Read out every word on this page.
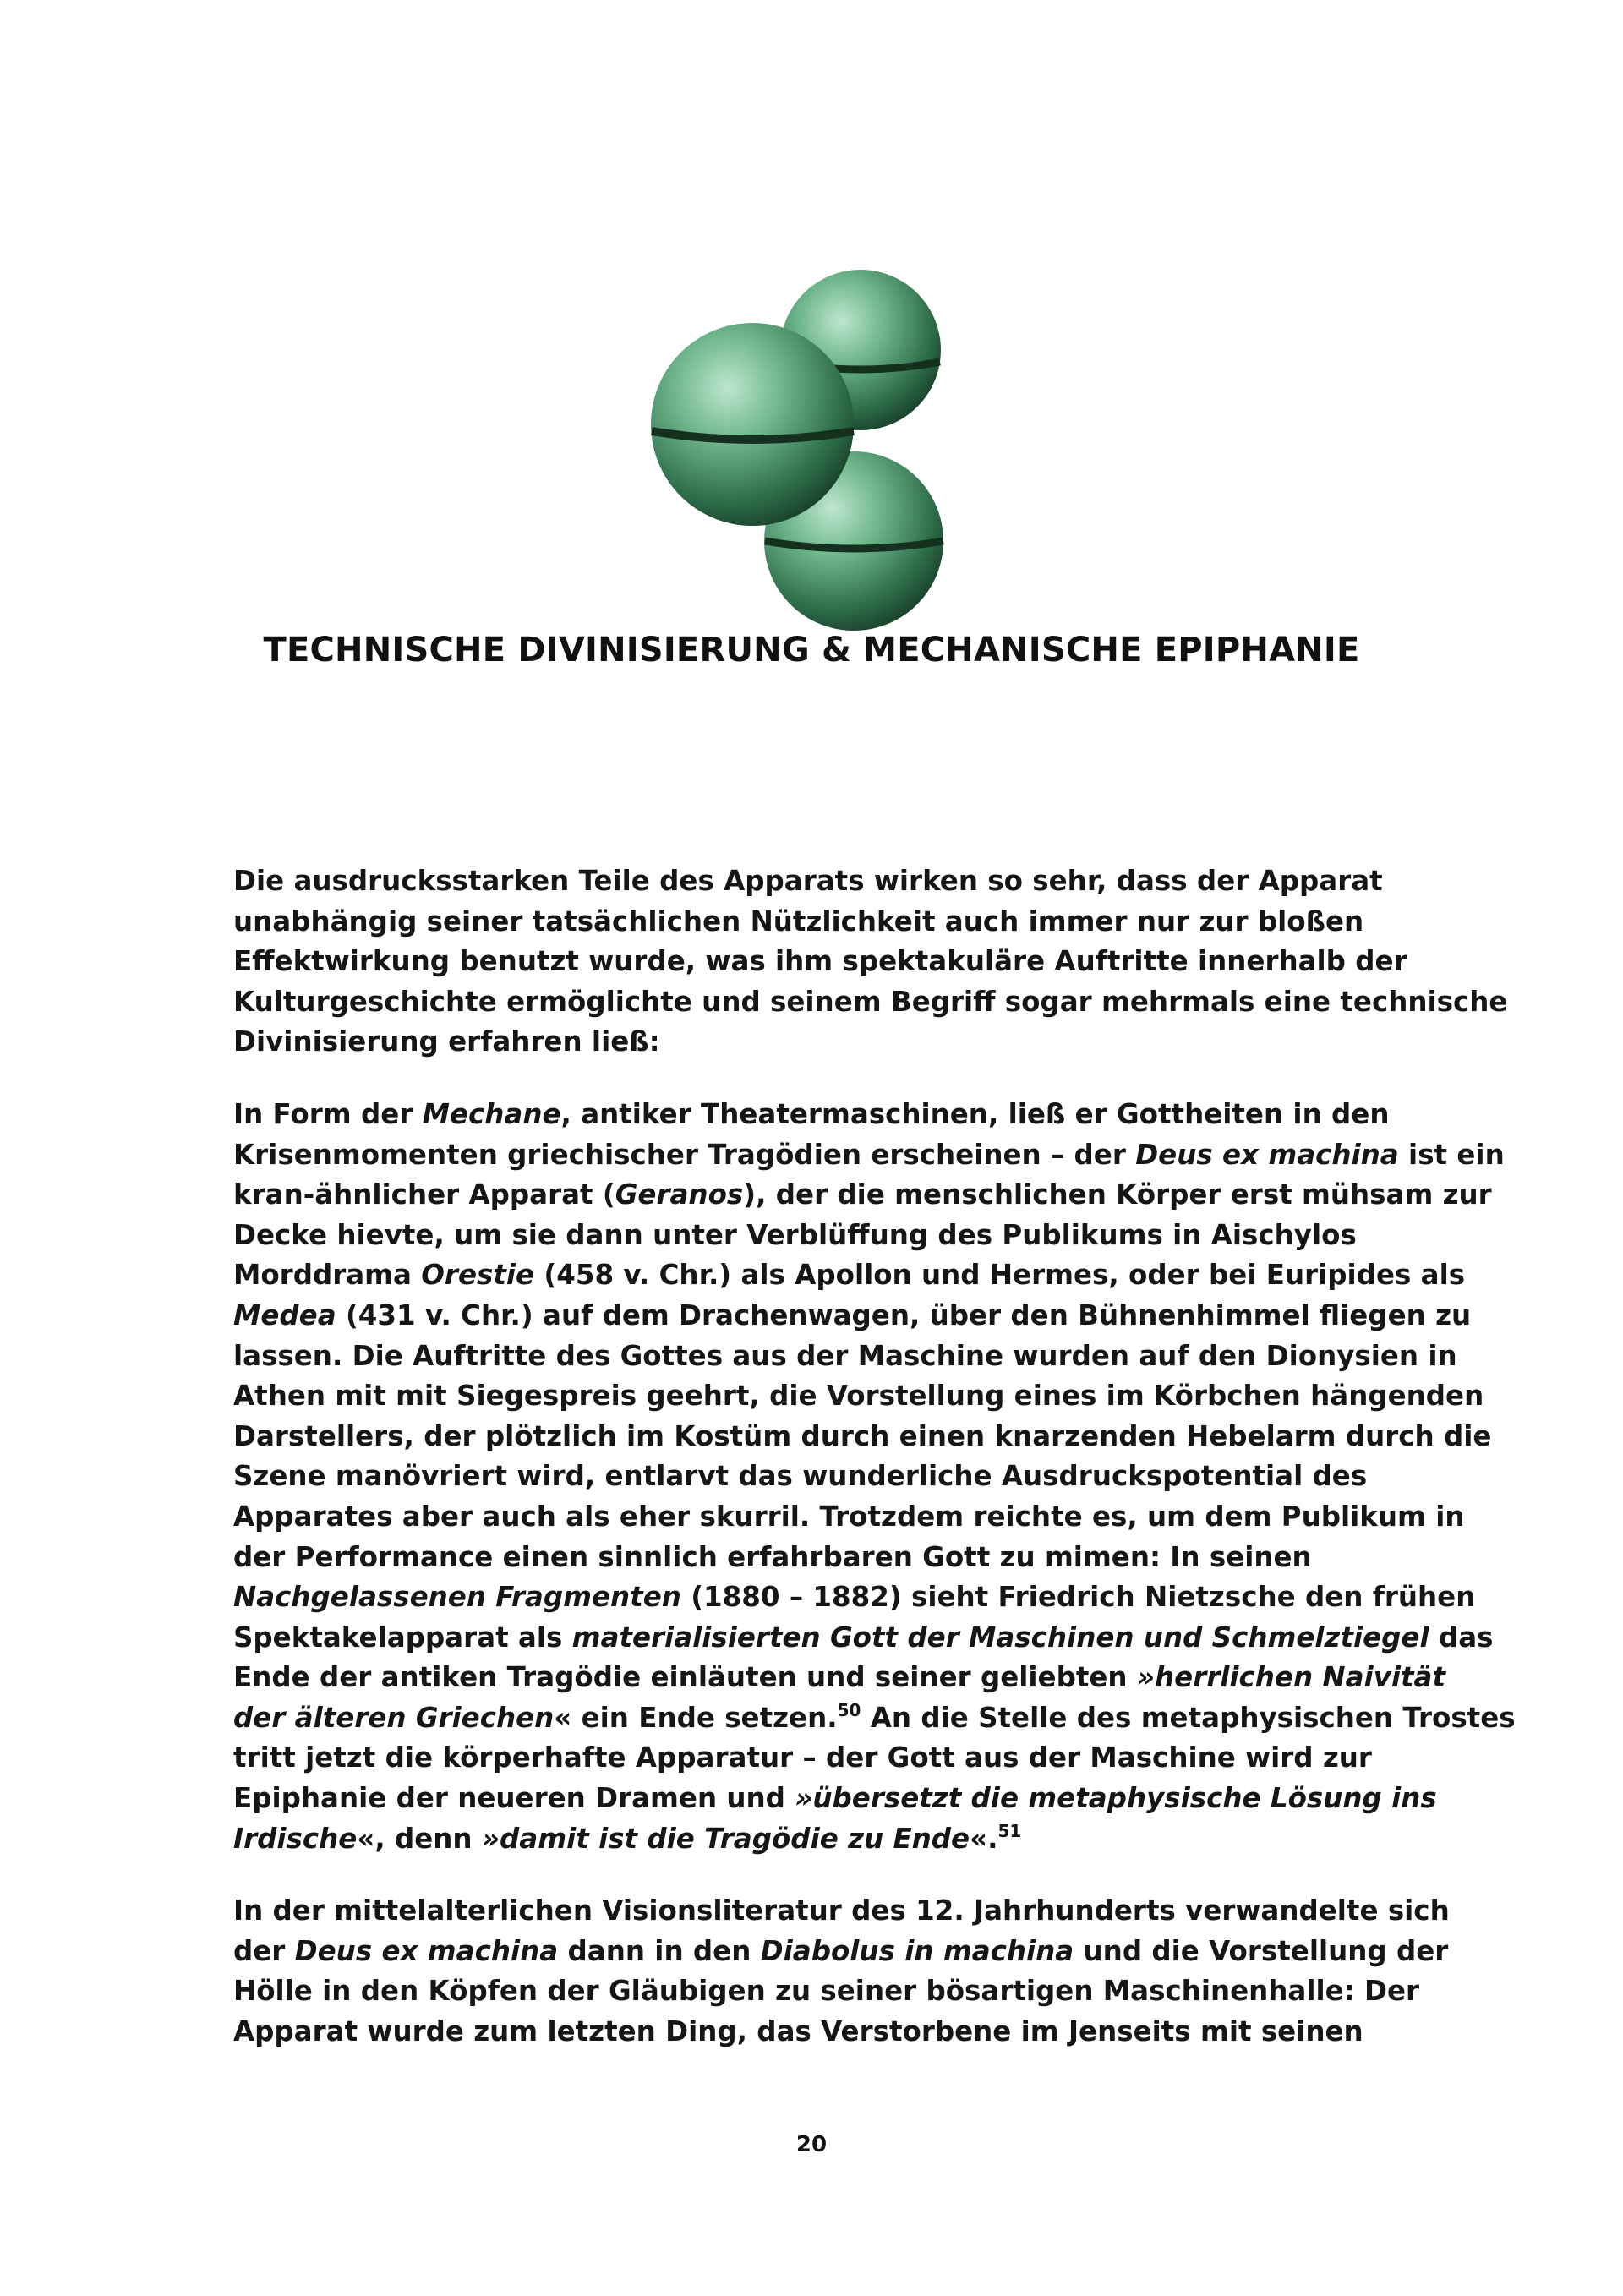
TECHNISCHE DIVINISIERUNG & MECHANISCHE EPIPHANIE

Die ausdrucksstarken Teile des Apparats wirken so sehr, dass der Apparat
unabhängig seiner tatsächlichen Nützlichkeit auch immer nur zur bloßen
Effektwirkung benutzt wurde, was ihm spektakuläre Auftritte innerhalb der
Kulturgeschichte ermöglichte und seinem Begriff sogar mehrmals eine technische
Divinisierung erfahren ließ:

In Form der Mechane, antiker Theatermaschinen, ließ er Gottheiten in den
Krisenmomenten griechischer Tragödien erscheinen – der Deus ex machina ist ein
kran-ähnlicher Apparat (Geranos), der die menschlichen Körper erst mühsam zur
Decke hievte, um sie dann unter Verblüffung des Publikums in Aischylos
Morddrama Orestie (458 v. Chr.) als Apollon und Hermes, oder bei Euripides als
Medea (431 v. Chr.) auf dem Drachenwagen, über den Bühnenhimmel fliegen zu
lassen. Die Auftritte des Gottes aus der Maschine wurden auf den Dionysien in
Athen mit mit Siegespreis geehrt, die Vorstellung eines im Körbchen hängenden
Darstellers, der plötzlich im Kostüm durch einen knarzenden Hebelarm durch die
Szene manövriert wird, entlarvt das wunderliche Ausdruckspotential des
Apparates aber auch als eher skurril. Trotzdem reichte es, um dem Publikum in
der Performance einen sinnlich erfahrbaren Gott zu mimen: In seinen
Nachgelassenen Fragmenten (1880 – 1882) sieht Friedrich Nietzsche den frühen
Spektakelapparat als materialisierten Gott der Maschinen und Schmelztiegel das
Ende der antiken Tragödie einläuten und seiner geliebten »herrlichen Naivität
der älteren Griechen« ein Ende setzen.$^{50}$ An die Stelle des metaphysischen Trostes
tritt jetzt die körperhafte Apparatur – der Gott aus der Maschine wird zur
Epiphanie der neueren Dramen und »übersetzt die metaphysische Lösung ins
Irdische«, denn »damit ist die Tragödie zu Ende«.$^{51}$

In der mittelalterlichen Visionsliteratur des 12. Jahrhunderts verwandelte sich
der Deus ex machina dann in den Diabolus in machina und die Vorstellung der
Hölle in den Köpfen der Gläubigen zu seiner bösartigen Maschinenhalle: Der
Apparat wurde zum letzten Ding, das Verstorbene im Jenseits mit seinen

20
